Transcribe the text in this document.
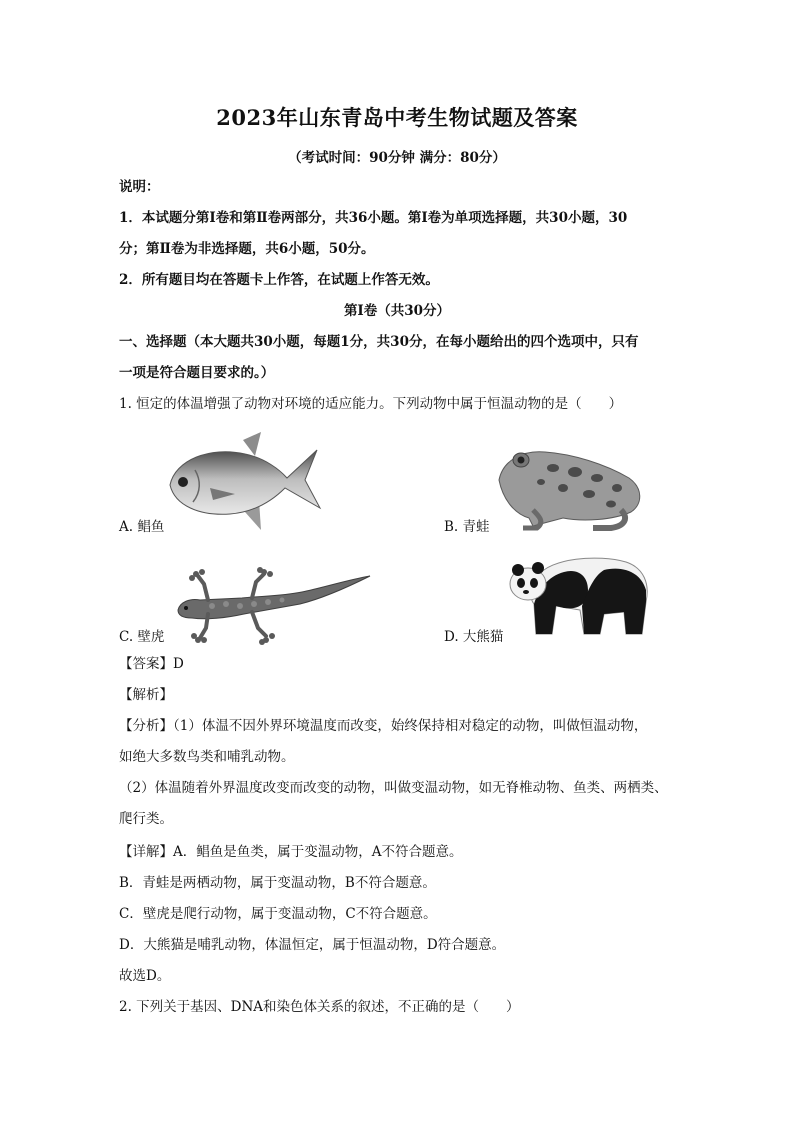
2023年山东青岛中考生物试题及答案
（考试时间：90分钟 满分：80分）
说明：
1．本试题分第Ⅰ卷和第Ⅱ卷两部分，共36小题。第Ⅰ卷为单项选择题，共30小题，30
分；第Ⅱ卷为非选择题，共6小题，50分。
2．所有题目均在答题卡上作答，在试题上作答无效。
第Ⅰ卷（共30分）
一、选择题（本大题共30小题，每题1分，共30分，在每小题给出的四个选项中，只有
一项是符合题目要求的。）
1. 恒定的体温增强了动物对环境的适应能力。下列动物中属于恒温动物的是（　　）
A. 鲳鱼	B. 青蛙
C. 壁虎	D. 大熊猫
【答案】D
【解析】
【分析】（1）体温不因外界环境温度而改变，始终保持相对稳定的动物，叫做恒温动物，
如绝大多数鸟类和哺乳动物。
（2）体温随着外界温度改变而改变的动物，叫做变温动物，如无脊椎动物、鱼类、两栖类、
爬行类。
【详解】A．鲳鱼是鱼类，属于变温动物，A不符合题意。
B．青蛙是两栖动物，属于变温动物，B不符合题意。
C．壁虎是爬行动物，属于变温动物，C不符合题意。
D．大熊猫是哺乳动物，体温恒定，属于恒温动物，D符合题意。
故选D。
2. 下列关于基因、DNA和染色体关系的叙述，不正确的是（　　）
